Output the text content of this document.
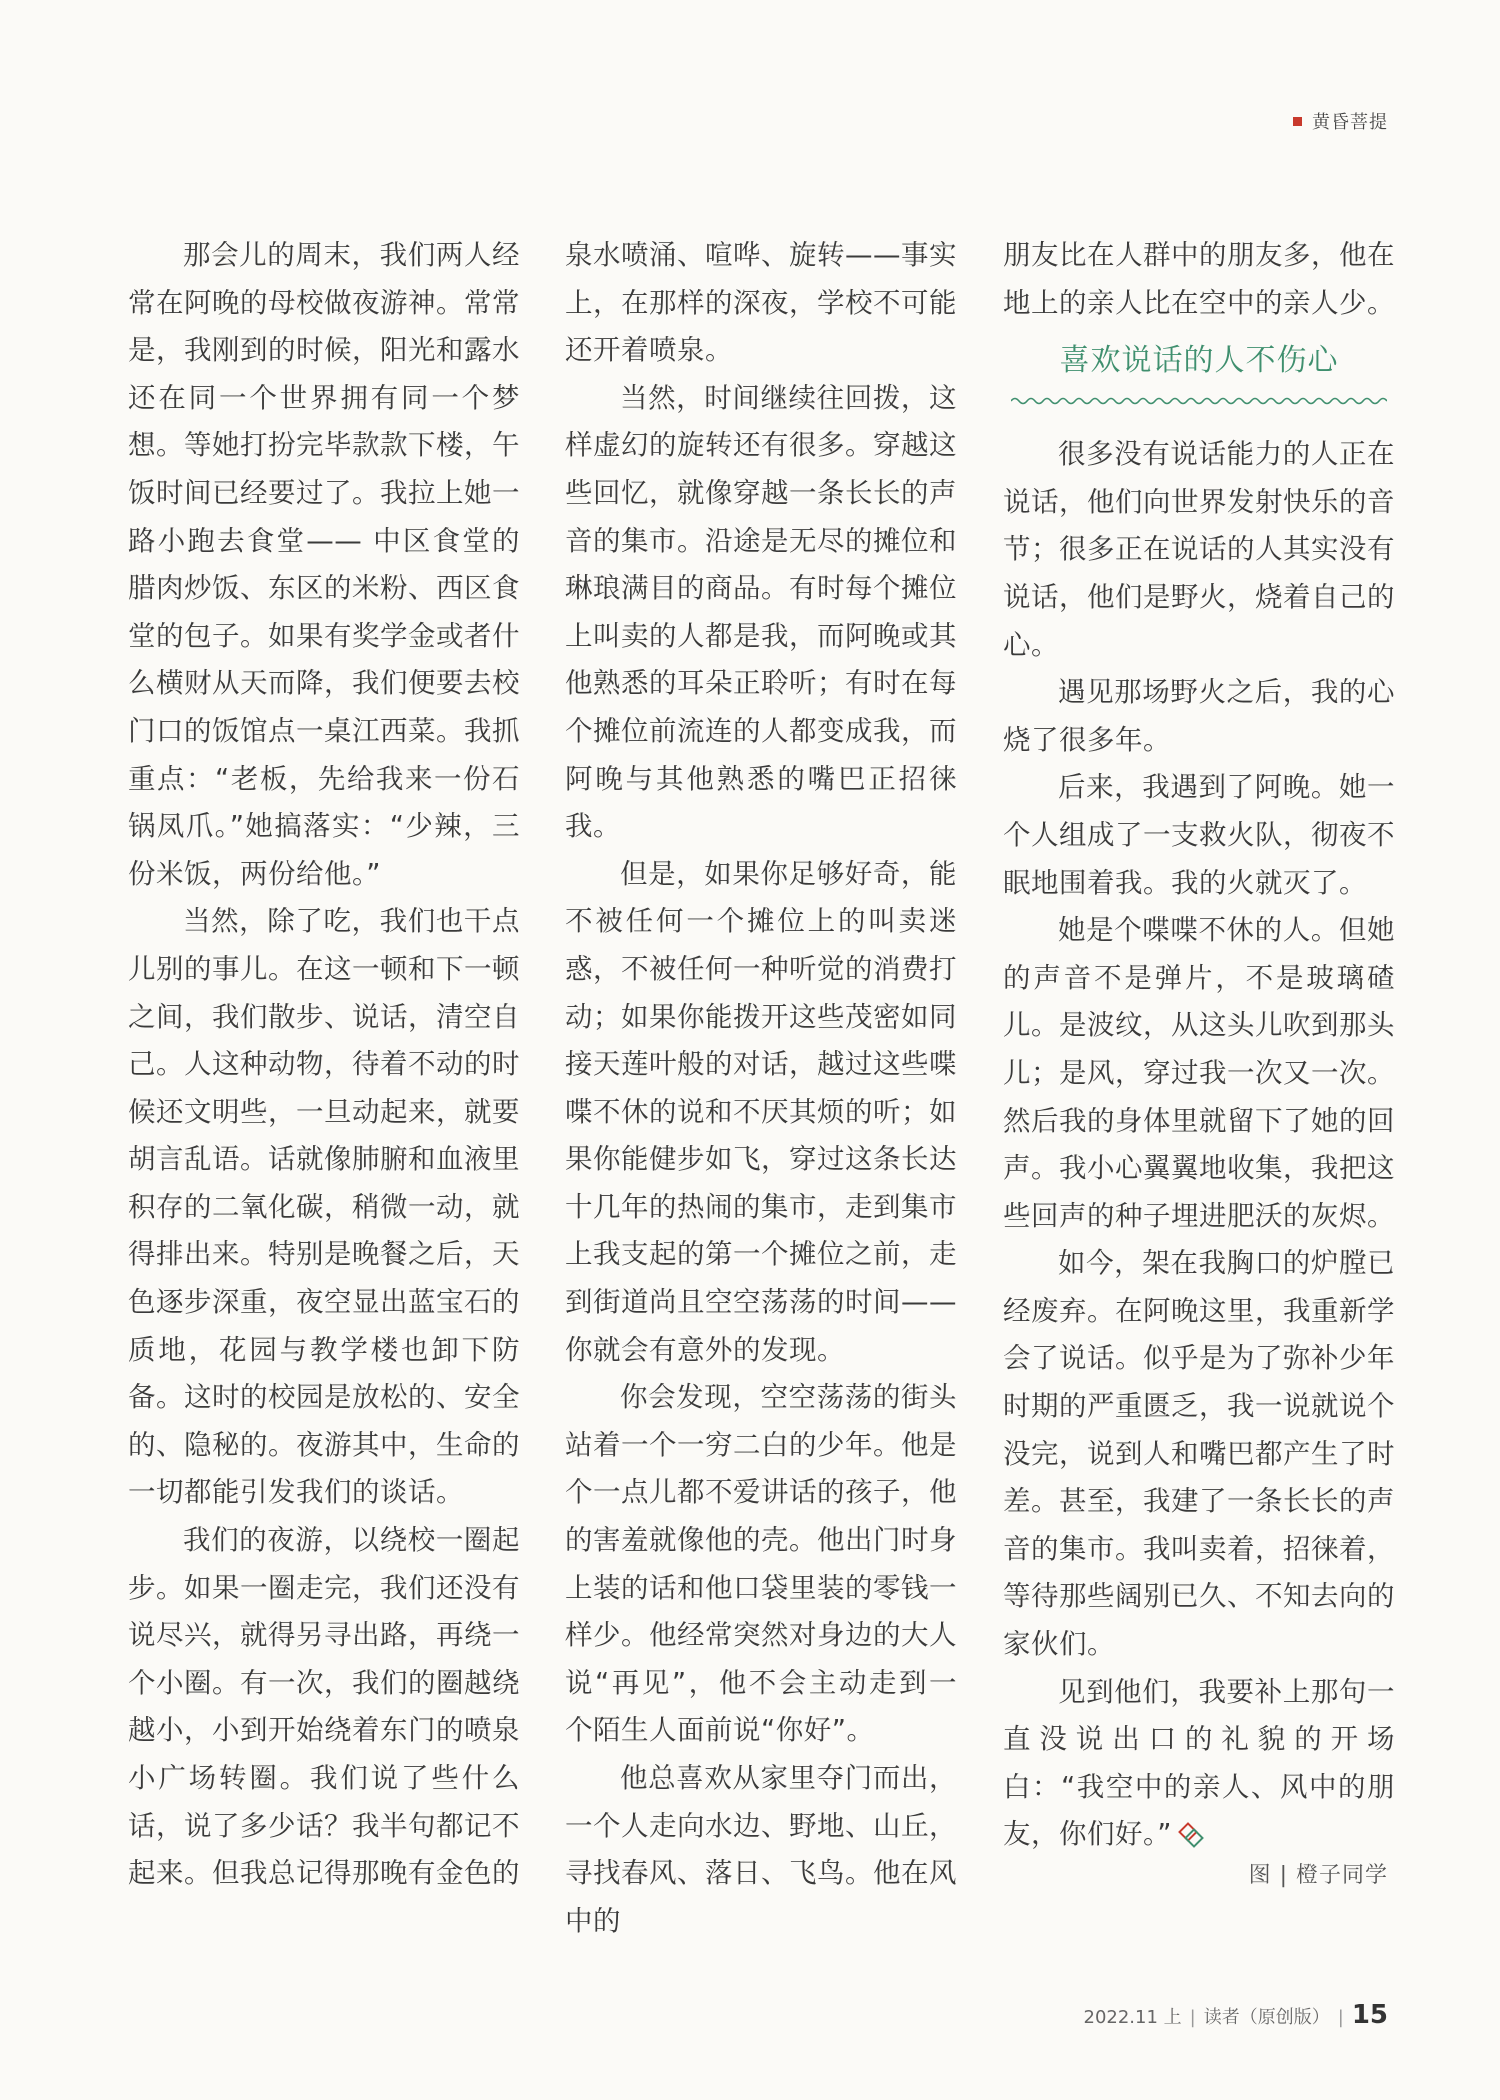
黄昏菩提

那会儿的周末，我们两人经常在阿晚的母校做夜游神。常常是，我刚到的时候，阳光和露水还在同一个世界拥有同一个梦想。等她打扮完毕款款下楼，午饭时间已经要过了。我拉上她一路小跑去食堂—— 中区食堂的腊肉炒饭、东区的米粉、西区食堂的包子。如果有奖学金或者什么横财从天而降，我们便要去校门口的饭馆点一桌江西菜。我抓重点：“老板，先给我来一份石锅凤爪。”她搞落实：“少辣，三份米饭，两份给他。”

当然，除了吃，我们也干点儿别的事儿。在这一顿和下一顿之间，我们散步、说话，清空自己。人这种动物，待着不动的时候还文明些，一旦动起来，就要胡言乱语。话就像肺腑和血液里积存的二氧化碳，稍微一动，就得排出来。特别是晚餐之后，天色逐步深重，夜空显出蓝宝石的质地，花园与教学楼也卸下防备。这时的校园是放松的、安全的、隐秘的。夜游其中，生命的一切都能引发我们的谈话。

我们的夜游，以绕校一圈起步。如果一圈走完，我们还没有说尽兴，就得另寻出路，再绕一个小圈。有一次，我们的圈越绕越小，小到开始绕着东门的喷泉小广场转圈。我们说了些什么话，说了多少话？我半句都记不起来。但我总记得那晚有金色的

泉水喷涌、喧哗、旋转——事实上，在那样的深夜，学校不可能还开着喷泉。

当然，时间继续往回拨，这样虚幻的旋转还有很多。穿越这些回忆，就像穿越一条长长的声音的集市。沿途是无尽的摊位和琳琅满目的商品。有时每个摊位上叫卖的人都是我，而阿晚或其他熟悉的耳朵正聆听；有时在每个摊位前流连的人都变成我，而阿晚与其他熟悉的嘴巴正招徕我。

但是，如果你足够好奇，能不被任何一个摊位上的叫卖迷惑，不被任何一种听觉的消费打动；如果你能拨开这些茂密如同接天莲叶般的对话，越过这些喋喋不休的说和不厌其烦的听；如果你能健步如飞，穿过这条长达十几年的热闹的集市，走到集市上我支起的第一个摊位之前，走到街道尚且空空荡荡的时间——你就会有意外的发现。

你会发现，空空荡荡的街头站着一个一穷二白的少年。他是个一点儿都不爱讲话的孩子，他的害羞就像他的壳。他出门时身上装的话和他口袋里装的零钱一样少。他经常突然对身边的大人说“再见”，他不会主动走到一个陌生人面前说“你好”。

他总喜欢从家里夺门而出，一个人走向水边、野地、山丘，寻找春风、落日、飞鸟。他在风中的

朋友比在人群中的朋友多，他在地上的亲人比在空中的亲人少。

喜欢说话的人不伤心

很多没有说话能力的人正在说话，他们向世界发射快乐的音节；很多正在说话的人其实没有说话，他们是野火，烧着自己的心。

遇见那场野火之后，我的心烧了很多年。

后来，我遇到了阿晚。她一个人组成了一支救火队，彻夜不眠地围着我。我的火就灭了。

她是个喋喋不休的人。但她的声音不是弹片，不是玻璃碴儿。是波纹，从这头儿吹到那头儿；是风，穿过我一次又一次。然后我的身体里就留下了她的回声。我小心翼翼地收集，我把这些回声的种子埋进肥沃的灰烬。

如今，架在我胸口的炉膛已经废弃。在阿晚这里，我重新学会了说话。似乎是为了弥补少年时期的严重匮乏，我一说就说个没完，说到人和嘴巴都产生了时差。甚至，我建了一条长长的声音的集市。我叫卖着，招徕着，等待那些阔别已久、不知去向的家伙们。

见到他们，我要补上那句一直没说出口的礼貌的开场白：“我空中的亲人、风中的朋友，你们好。”

图 | 橙子同学
2022.11 上 | 读者（原创版） | 15
